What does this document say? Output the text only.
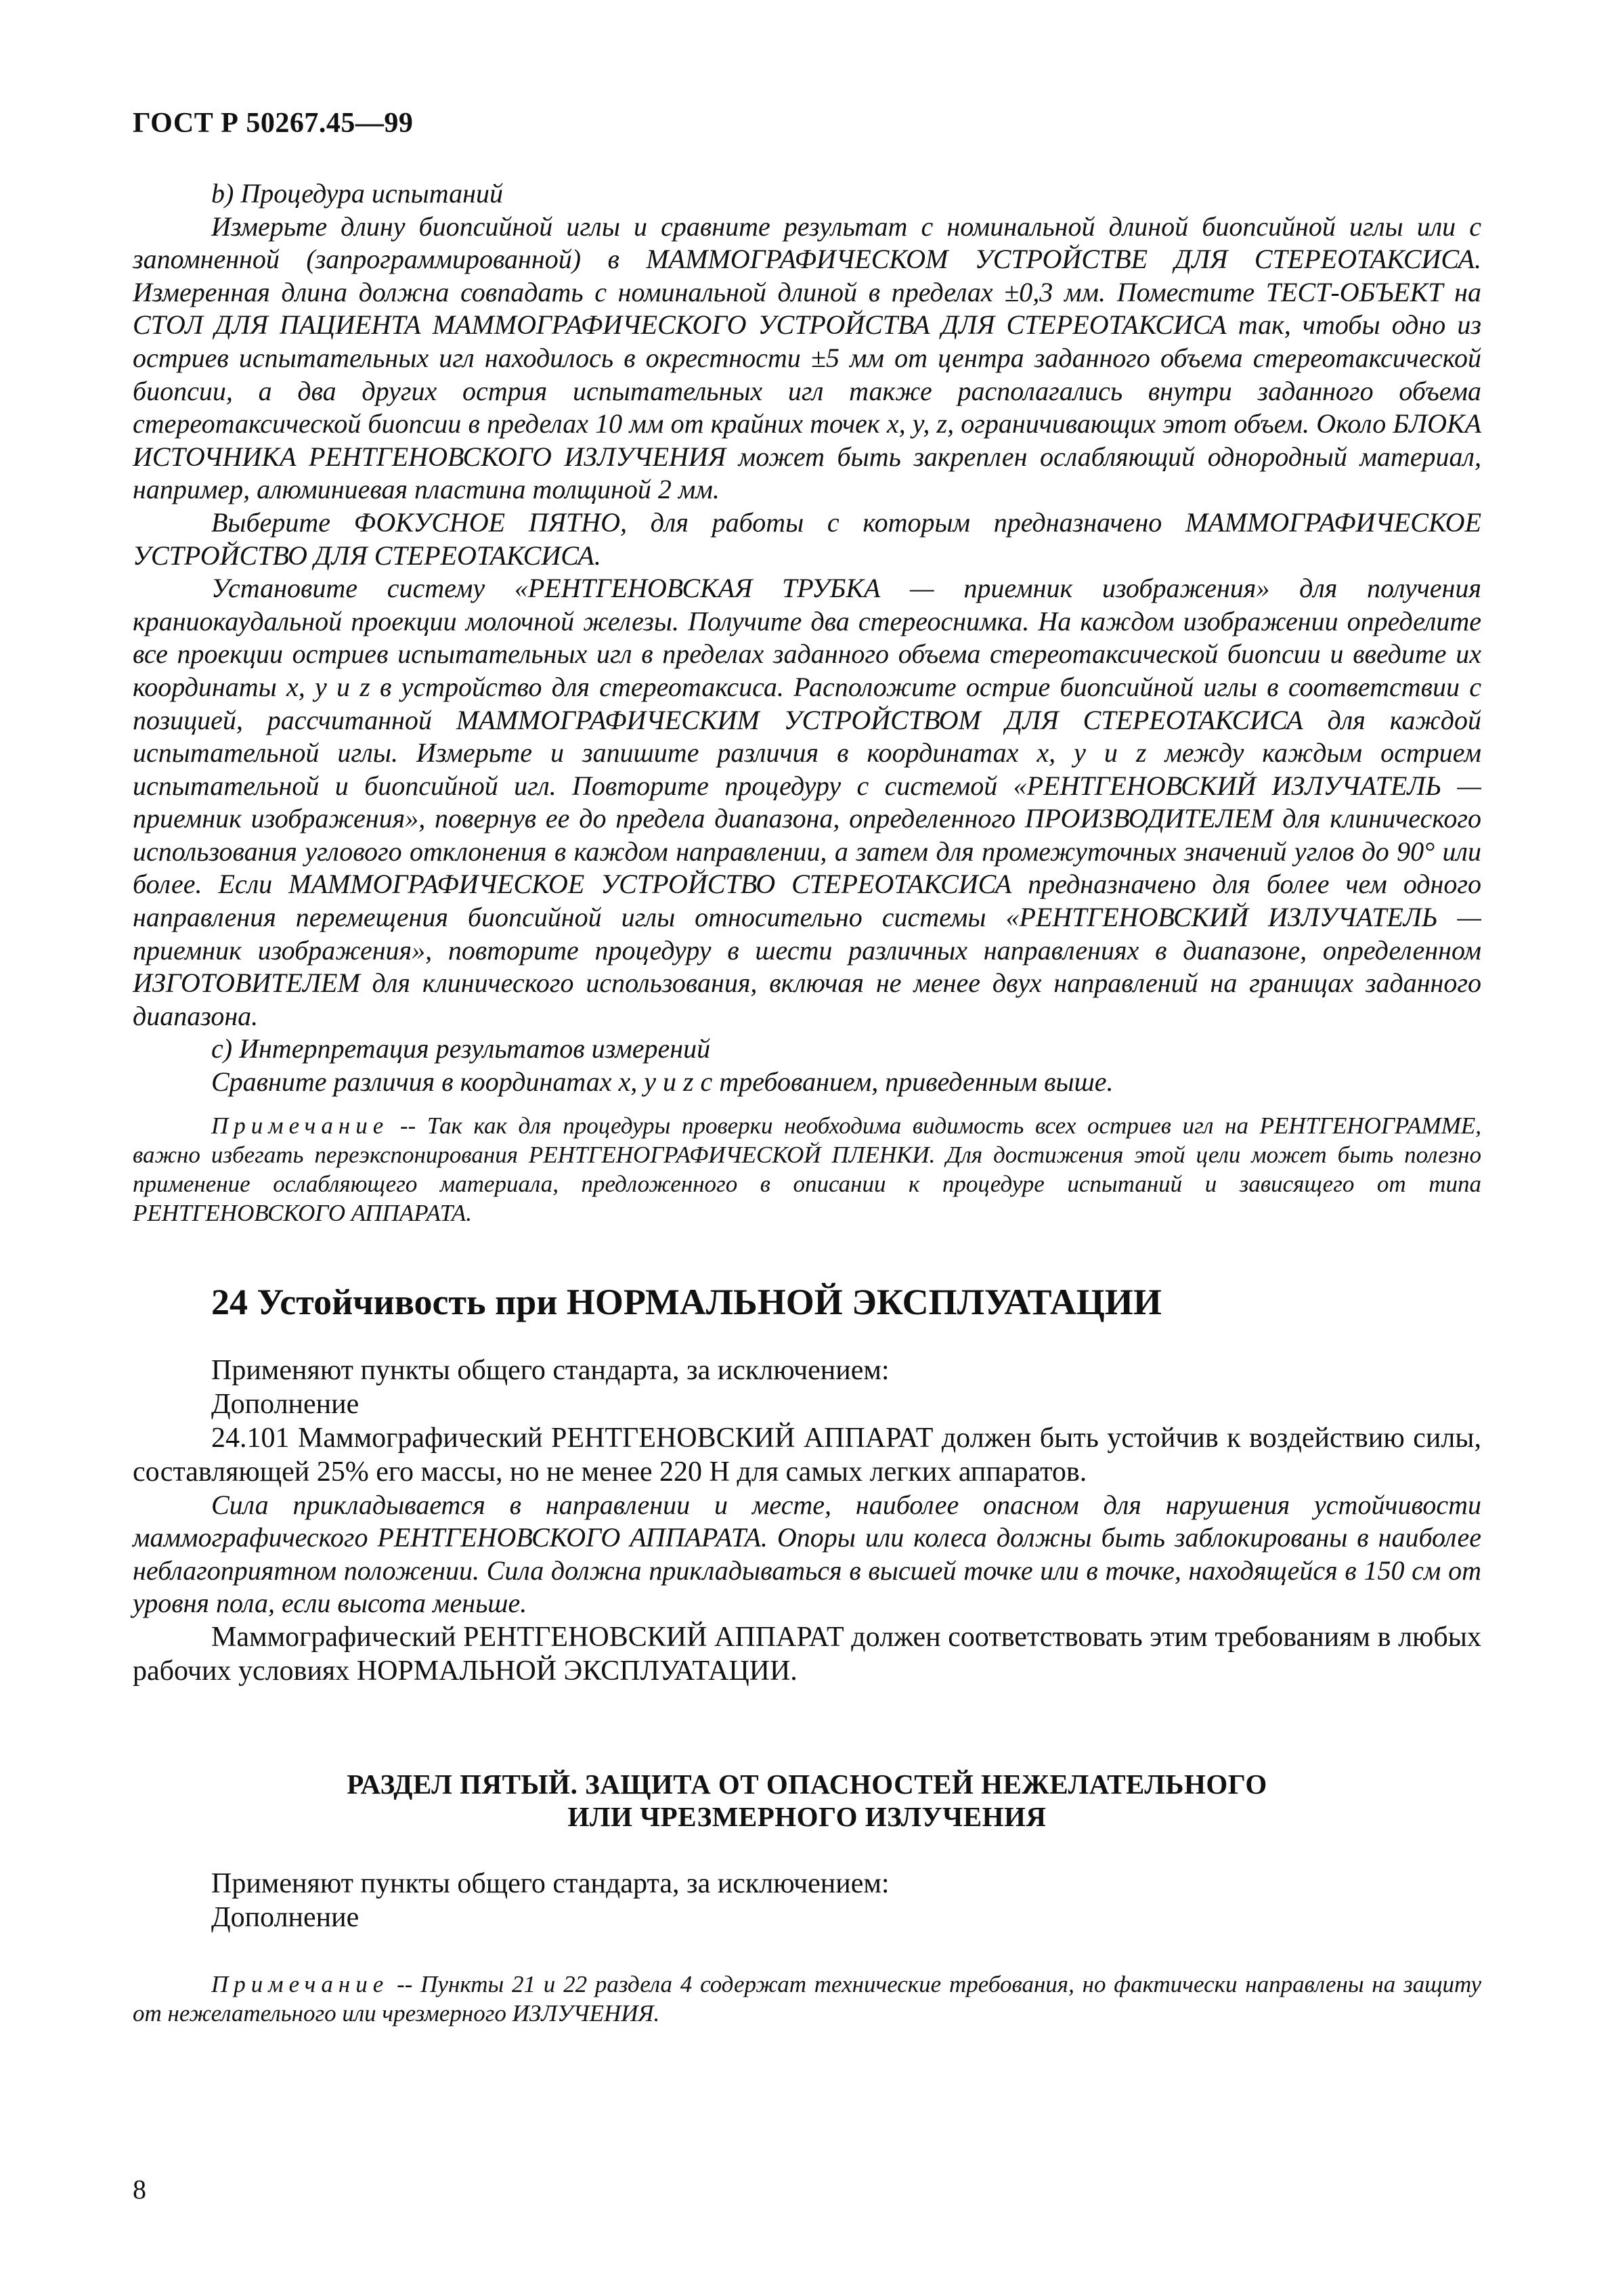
ГОСТ Р 50267.45—99

b) Процедура испытаний

Измерьте длину биопсийной иглы и сравните результат с номинальной длиной биопсийной иглы или с запомненной (запрограммированной) в МАММОГРАФИЧЕСКОМ УСТРОЙСТВЕ ДЛЯ СТЕРЕОТАКСИСА. Измеренная длина должна совпадать с номинальной длиной в пределах ±0,3 мм. Поместите ТЕСТ-ОБЪЕКТ на СТОЛ ДЛЯ ПАЦИЕНТА МАММОГРАФИЧЕСКОГО УСТРОЙСТВА ДЛЯ СТЕРЕОТАКСИСА так, чтобы одно из остриев испытательных игл находилось в окрестности ±5 мм от центра заданного объема стереотаксической биопсии, а два других острия испытательных игл также располагались внутри заданного объема стереотаксической биопсии в пределах 10 мм от крайних точек x, y, z, ограничивающих этот объем. Около БЛОКА ИСТОЧНИКА РЕНТГЕНОВСКОГО ИЗЛУЧЕНИЯ может быть закреплен ослабляющий однородный материал, например, алюминиевая пластина толщиной 2 мм.

Выберите ФОКУСНОЕ ПЯТНО, для работы с которым предназначено МАММОГРАФИЧЕСКОЕ УСТРОЙСТВО ДЛЯ СТЕРЕОТАКСИСА.

Установите систему «РЕНТГЕНОВСКАЯ ТРУБКА — приемник изображения» для получения краниокаудальной проекции молочной железы. Получите два стереоснимка. На каждом изображении определите все проекции остриев испытательных игл в пределах заданного объема стереотаксической биопсии и введите их координаты x, y и z в устройство для стереотаксиса. Расположите острие биопсийной иглы в соответствии с позицией, рассчитанной МАММОГРАФИЧЕСКИМ УСТРОЙСТВОМ ДЛЯ СТЕРЕОТАКСИСА для каждой испытательной иглы. Измерьте и запишите различия в координатах x, y и z между каждым острием испытательной и биопсийной игл. Повторите процедуру с системой «РЕНТГЕНОВСКИЙ ИЗЛУЧАТЕЛЬ — приемник изображения», повернув ее до предела диапазона, определенного ПРОИЗВОДИТЕЛЕМ для клинического использования углового отклонения в каждом направлении, а затем для промежуточных значений углов до 90° или более. Если МАММОГРАФИЧЕСКОЕ УСТРОЙСТВО СТЕРЕОТАКСИСА предназначено для более чем одного направления перемещения биопсийной иглы относительно системы «РЕНТГЕНОВСКИЙ ИЗЛУЧАТЕЛЬ — приемник изображения», повторите процедуру в шести различных направлениях в диапазоне, определенном ИЗГОТОВИТЕЛЕМ для клинического использования, включая не менее двух направлений на границах заданного диапазона.

c) Интерпретация результатов измерений

Сравните различия в координатах x, y и z с требованием, приведенным выше.

Примечание -- Так как для процедуры проверки необходима видимость всех остриев игл на РЕНТГЕНОГРАММЕ, важно избегать переэкспонирования РЕНТГЕНОГРАФИЧЕСКОЙ ПЛЕНКИ. Для достижения этой цели может быть полезно применение ослабляющего материала, предложенного в описании к процедуре испытаний и зависящего от типа РЕНТГЕНОВСКОГО АППАРАТА.

24 Устойчивость при НОРМАЛЬНОЙ ЭКСПЛУАТАЦИИ

Применяют пункты общего стандарта, за исключением:

Дополнение

24.101 Маммографический РЕНТГЕНОВСКИЙ АППАРАТ должен быть устойчив к воздействию силы, составляющей 25% его массы, но не менее 220 Н для самых легких аппаратов.

Сила прикладывается в направлении и месте, наиболее опасном для нарушения устойчивости маммографического РЕНТГЕНОВСКОГО АППАРАТА. Опоры или колеса должны быть заблокированы в наиболее неблагоприятном положении. Сила должна прикладываться в высшей точке или в точке, находящейся в 150 см от уровня пола, если высота меньше.

Маммографический РЕНТГЕНОВСКИЙ АППАРАТ должен соответствовать этим требованиям в любых рабочих условиях НОРМАЛЬНОЙ ЭКСПЛУАТАЦИИ.

РАЗДЕЛ ПЯТЫЙ. ЗАЩИТА ОТ ОПАСНОСТЕЙ НЕЖЕЛАТЕЛЬНОГО

ИЛИ ЧРЕЗМЕРНОГО ИЗЛУЧЕНИЯ

Применяют пункты общего стандарта, за исключением:

Дополнение

Примечание -- Пункты 21 и 22 раздела 4 содержат технические требования, но фактически направлены на защиту от нежелательного или чрезмерного ИЗЛУЧЕНИЯ.

8
